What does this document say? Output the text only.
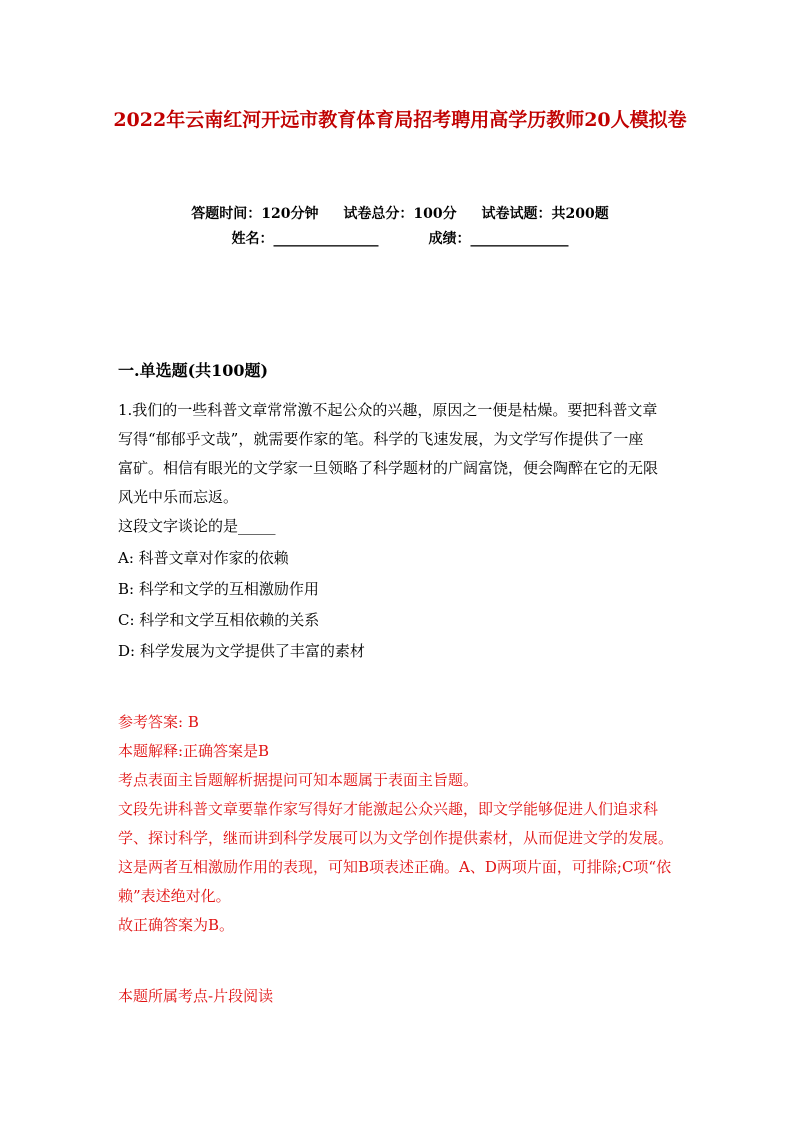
2022年云南红河开远市教育体育局招考聘用高学历教师20人模拟卷
答题时间：120分钟 试卷总分：100分 试卷试题：共200题
姓名：_______________	成绩：______________
一.单选题(共100题)

1.我们的一些科普文章常常激不起公众的兴趣，原因之一便是枯燥。要把科普文章写得“郁郁乎文哉”，就需要作家的笔。科学的飞速发展，为文学写作提供了一座富矿。相信有眼光的文学家一旦领略了科学题材的广阔富饶，便会陶醉在它的无限风光中乐而忘返。

这段文字谈论的是_____

A: 科普文章对作家的依赖
B: 科学和文学的互相激励作用
C: 科学和文学互相依赖的关系
D: 科学发展为文学提供了丰富的素材

参考答案: B

本题解释:正确答案是B

考点表面主旨题解析据提问可知本题属于表面主旨题。

文段先讲科普文章要靠作家写得好才能激起公众兴趣，即文学能够促进人们追求科学、探讨科学，继而讲到科学发展可以为文学创作提供素材，从而促进文学的发展。这是两者互相激励作用的表现，可知B项表述正确。A、D两项片面，可排除;C项“依赖”表述绝对化。

故正确答案为B。

本题所属考点-片段阅读
